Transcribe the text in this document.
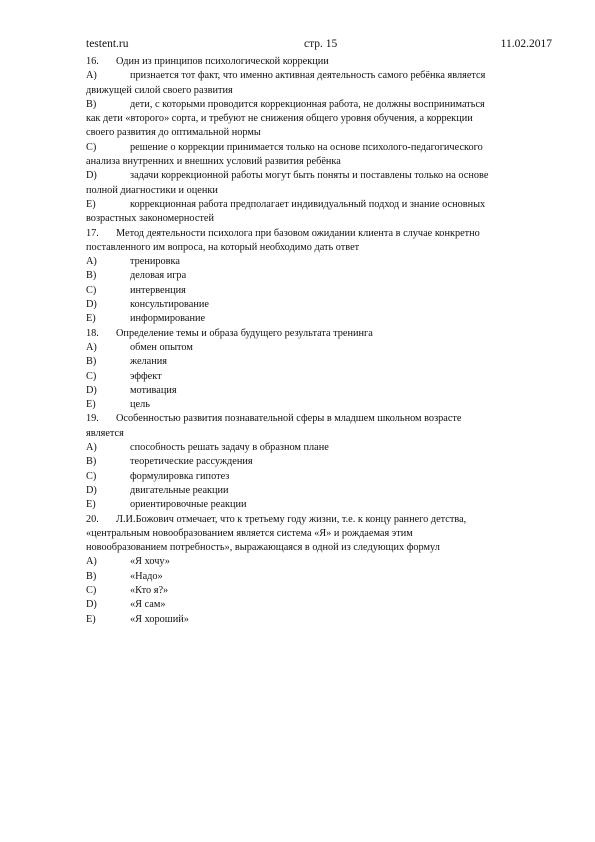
testent.ru	стр. 15	11.02.2017
16. Один из принципов психологической коррекции
A)	признается тот факт, что именно активная деятельность самого ребёнка является
движущей силой своего развития
B)	дети, с которыми проводится коррекционная работа, не должны восприниматься
как дети «второго» сорта, и требуют не снижения общего уровня обучения, а коррекции
своего развития до оптимальной нормы
C)	решение о коррекции принимается только на основе психолого-педагогического
анализа внутренних и внешних условий развития ребёнка
D)	задачи коррекционной работы могут быть поняты и поставлены только на основе
полной диагностики и оценки
E)	коррекционная работа предполагает индивидуальный подход и знание основных
возрастных закономерностей
17. Метод деятельности психолога при базовом ожидании клиента в случае конкретно
поставленного им вопроса, на который необходимо дать ответ
A)	тренировка
B)	деловая игра
C)	интервенция
D)	консультирование
E)	информирование
18. Определение темы и образа будущего результата тренинга
A)	обмен опытом
B)	желания
C)	эффект
D)	мотивация
E)	цель
19. Особенностью развития познавательной сферы в младшем школьном возрасте
является
A)	способность решать задачу в образном плане
B)	теоретические рассуждения
C)	формулировка гипотез
D)	двигательные реакции
E)	ориентировочные реакции
20. Л.И.Божович отмечает, что к третьему году жизни, т.е. к концу раннего детства,
«центральным новообразованием является система «Я» и рождаемая этим
новообразованием потребность», выражающаяся в одной из следующих формул
A)	«Я хочу»
B)	«Надо»
C)	«Кто я?»
D)	«Я сам»
E)	«Я хороший»
